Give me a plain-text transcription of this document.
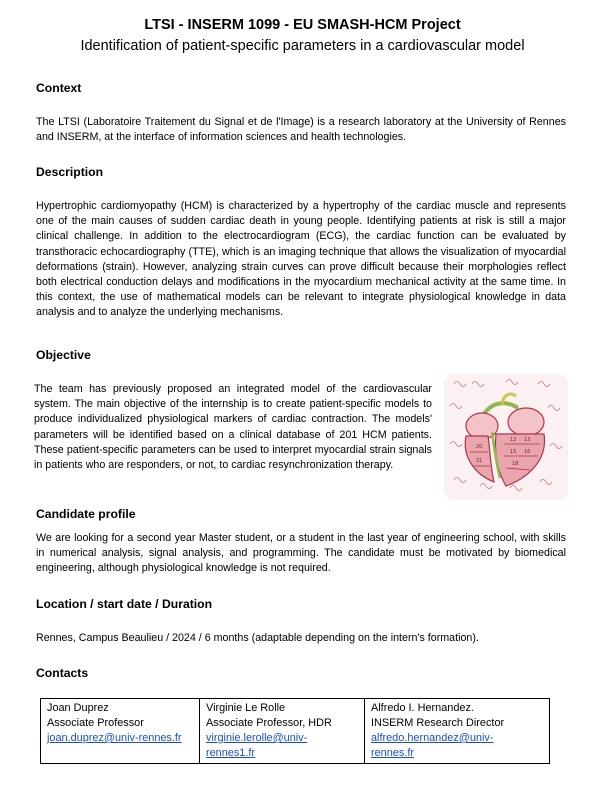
LTSI - INSERM 1099 - EU SMASH-HCM Project
Identification of patient-specific parameters in a cardiovascular model
Context

The LTSI (Laboratoire Traitement du Signal et de l'Image) is a research laboratory at the University of Rennes and INSERM, at the interface of information sciences and health technologies.

Description

Hypertrophic cardiomyopathy (HCM) is characterized by a hypertrophy of the cardiac muscle and represents one of the main causes of sudden cardiac death in young people. Identifying patients at risk is still a major clinical challenge. In addition to the electrocardiogram (ECG), the cardiac function can be evaluated by transthoracic echocardiography (TTE), which is an imaging technique that allows the visualization of myocardial deformations (strain). However, analyzing strain curves can prove difficult because their morphologies reflect both electrical conduction delays and modifications in the myocardium mechanical activity at the same time. In this context, the use of mathematical models can be relevant to integrate physiological knowledge in data analysis and to analyze the underlying mechanisms.

Objective

The team has previously proposed an integrated model of the cardiovascular system. The main objective of the internship is to create patient-specific models to produce individualized physiological markers of cardiac contraction. The models' parameters will be identified based on a clinical database of 201 HCM patients. These patient-specific parameters can be used to interpret myocardial strain signals in patients who are responders, or not, to cardiac resynchronization therapy.

12 13
15 16
18
20
21
Candidate profile

We are looking for a second year Master student, or a student in the last year of engineering school, with skills in numerical analysis, signal analysis, and programming. The candidate must be motivated by biomedical engineering, although physiological knowledge is not required.

Location / start date / Duration

Rennes, Campus Beaulieu / 2024 / 6 months (adaptable depending on the intern's formation).

Contacts
Joan Duprez
Associate Professor
joan.duprez@univ-rennes.fr

Virginie Le Rolle
Associate Professor, HDR
virginie.lerolle@univ-
rennes1.fr

Alfredo I. Hernandez.
INSERM Research Director
alfredo.hernandez@univ-
rennes.fr
